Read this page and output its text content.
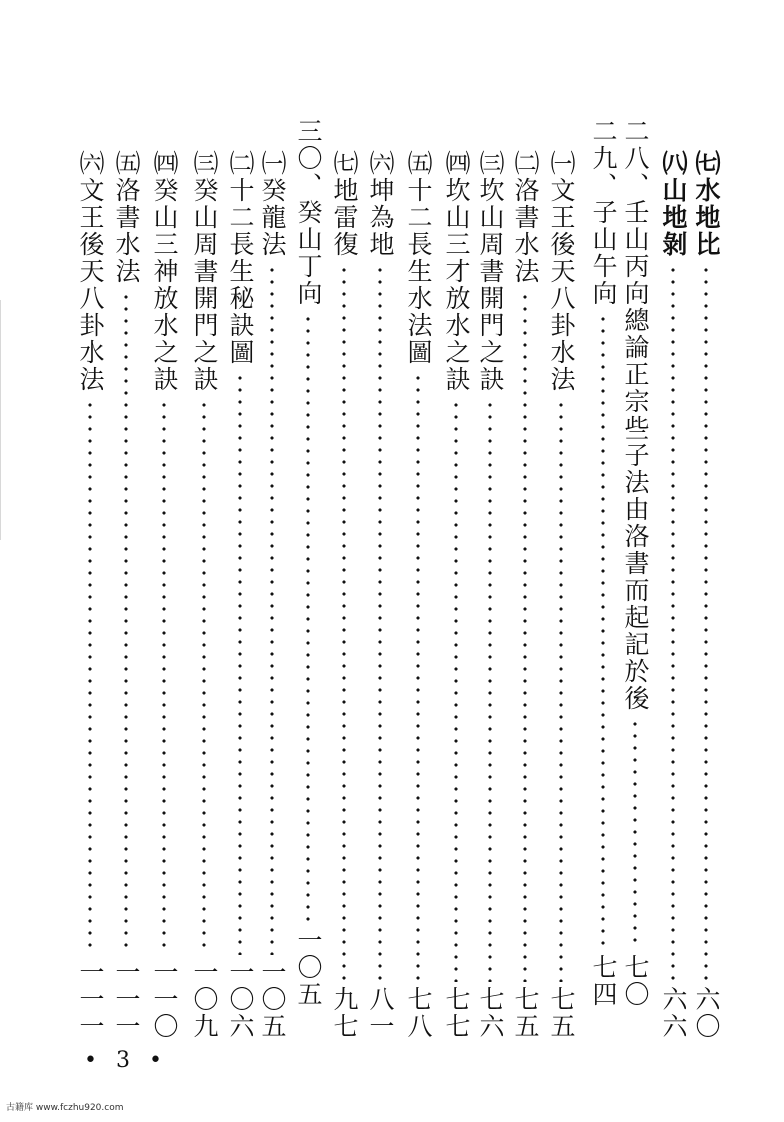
㈦水地比
六〇
㈧山地剝
六六
二八、壬山丙向總論正宗些子法由洛書而起記於後
七〇
二九、子山午向
七四
㈠文王後天八卦水法
七五
㈡洛書水法
七五
㈢坎山周書開門之訣
七六
㈣坎山三才放水之訣
七七
㈤十二長生水法圖
七八
㈥坤為地
八一
㈦地雷復
九七
三〇、癸山丁向
一〇五
㈠癸龍法
一〇五
㈡十二長生秘訣圖
一〇六
㈢癸山周書開門之訣
一〇九
㈣癸山三神放水之訣
一一〇
㈤洛書水法
一一一
㈥文王後天八卦水法
一一一
• 3 •
古籍库 www.fczhu920.com
